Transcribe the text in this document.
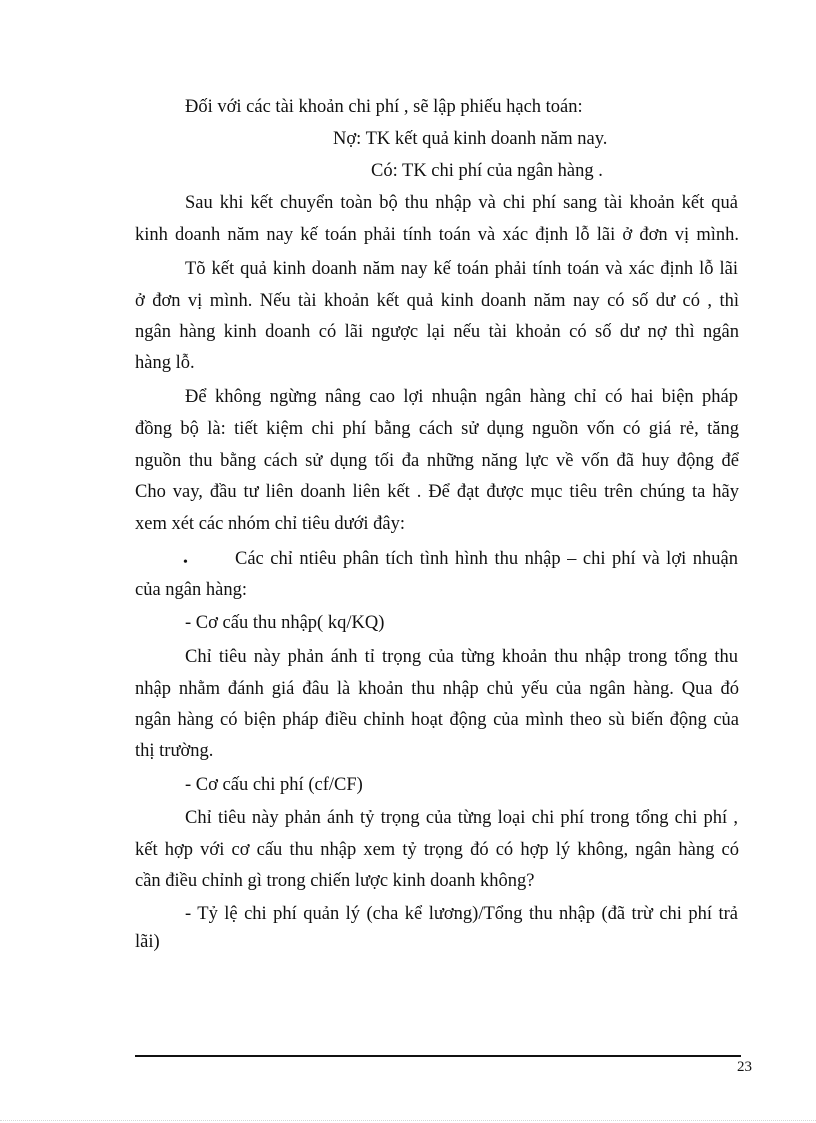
Đối với các tài khoản chi phí , sẽ lập phiếu hạch toán:
Nợ: TK kết quả kinh doanh năm nay.
Có: TK chi phí của ngân hàng .
Sau khi kết chuyển toàn bộ thu nhập và chi phí sang tài khoản kết quả
kinh doanh năm nay kế toán phải tính toán và xác định lỗ lãi ở đơn vị mình.
Tõ kết quả kinh doanh năm nay kế toán phải tính toán và xác định lỗ lãi
ở đơn vị mình. Nếu tài khoản kết quả kinh doanh năm nay có số dư có , thì
ngân hàng kinh doanh có lãi ngược lại nếu tài khoản có số dư nợ thì ngân
hàng lỗ.
Để không ngừng nâng cao lợi nhuận ngân hàng chỉ có hai biện pháp
đồng bộ là: tiết kiệm chi phí bằng cách sử dụng nguồn vốn có giá rẻ, tăng
nguồn thu bằng cách sử dụng tối đa những năng lực về vốn đã huy động để
Cho vay, đầu tư liên doanh liên kết . Để đạt được mục tiêu trên chúng ta hãy
xem xét các nhóm chỉ tiêu dưới đây:
•	Các chỉ ntiêu phân tích tình hình thu nhập – chi phí và lợi nhuận
của ngân hàng:
- Cơ cấu thu nhập( kq/KQ)
Chỉ tiêu này phản ánh tỉ trọng của từng khoản thu nhập trong tổng thu
nhập nhằm đánh giá đâu là khoản thu nhập chủ yếu của ngân hàng. Qua đó
ngân hàng có biện pháp điều chỉnh hoạt động của mình theo sù biến động của
thị trường.
- Cơ cấu chi phí (cf/CF)
Chỉ tiêu này phản ánh tỷ trọng của từng loại chi phí trong tổng chi phí ,
kết hợp với cơ cấu thu nhập xem tỷ trọng đó có hợp lý không, ngân hàng có
cần điều chỉnh gì trong chiến lược kinh doanh không?
- Tỷ lệ chi phí quản lý (cha kể lương)/Tổng thu nhập (đã trừ chi phí trả
lãi)
23
